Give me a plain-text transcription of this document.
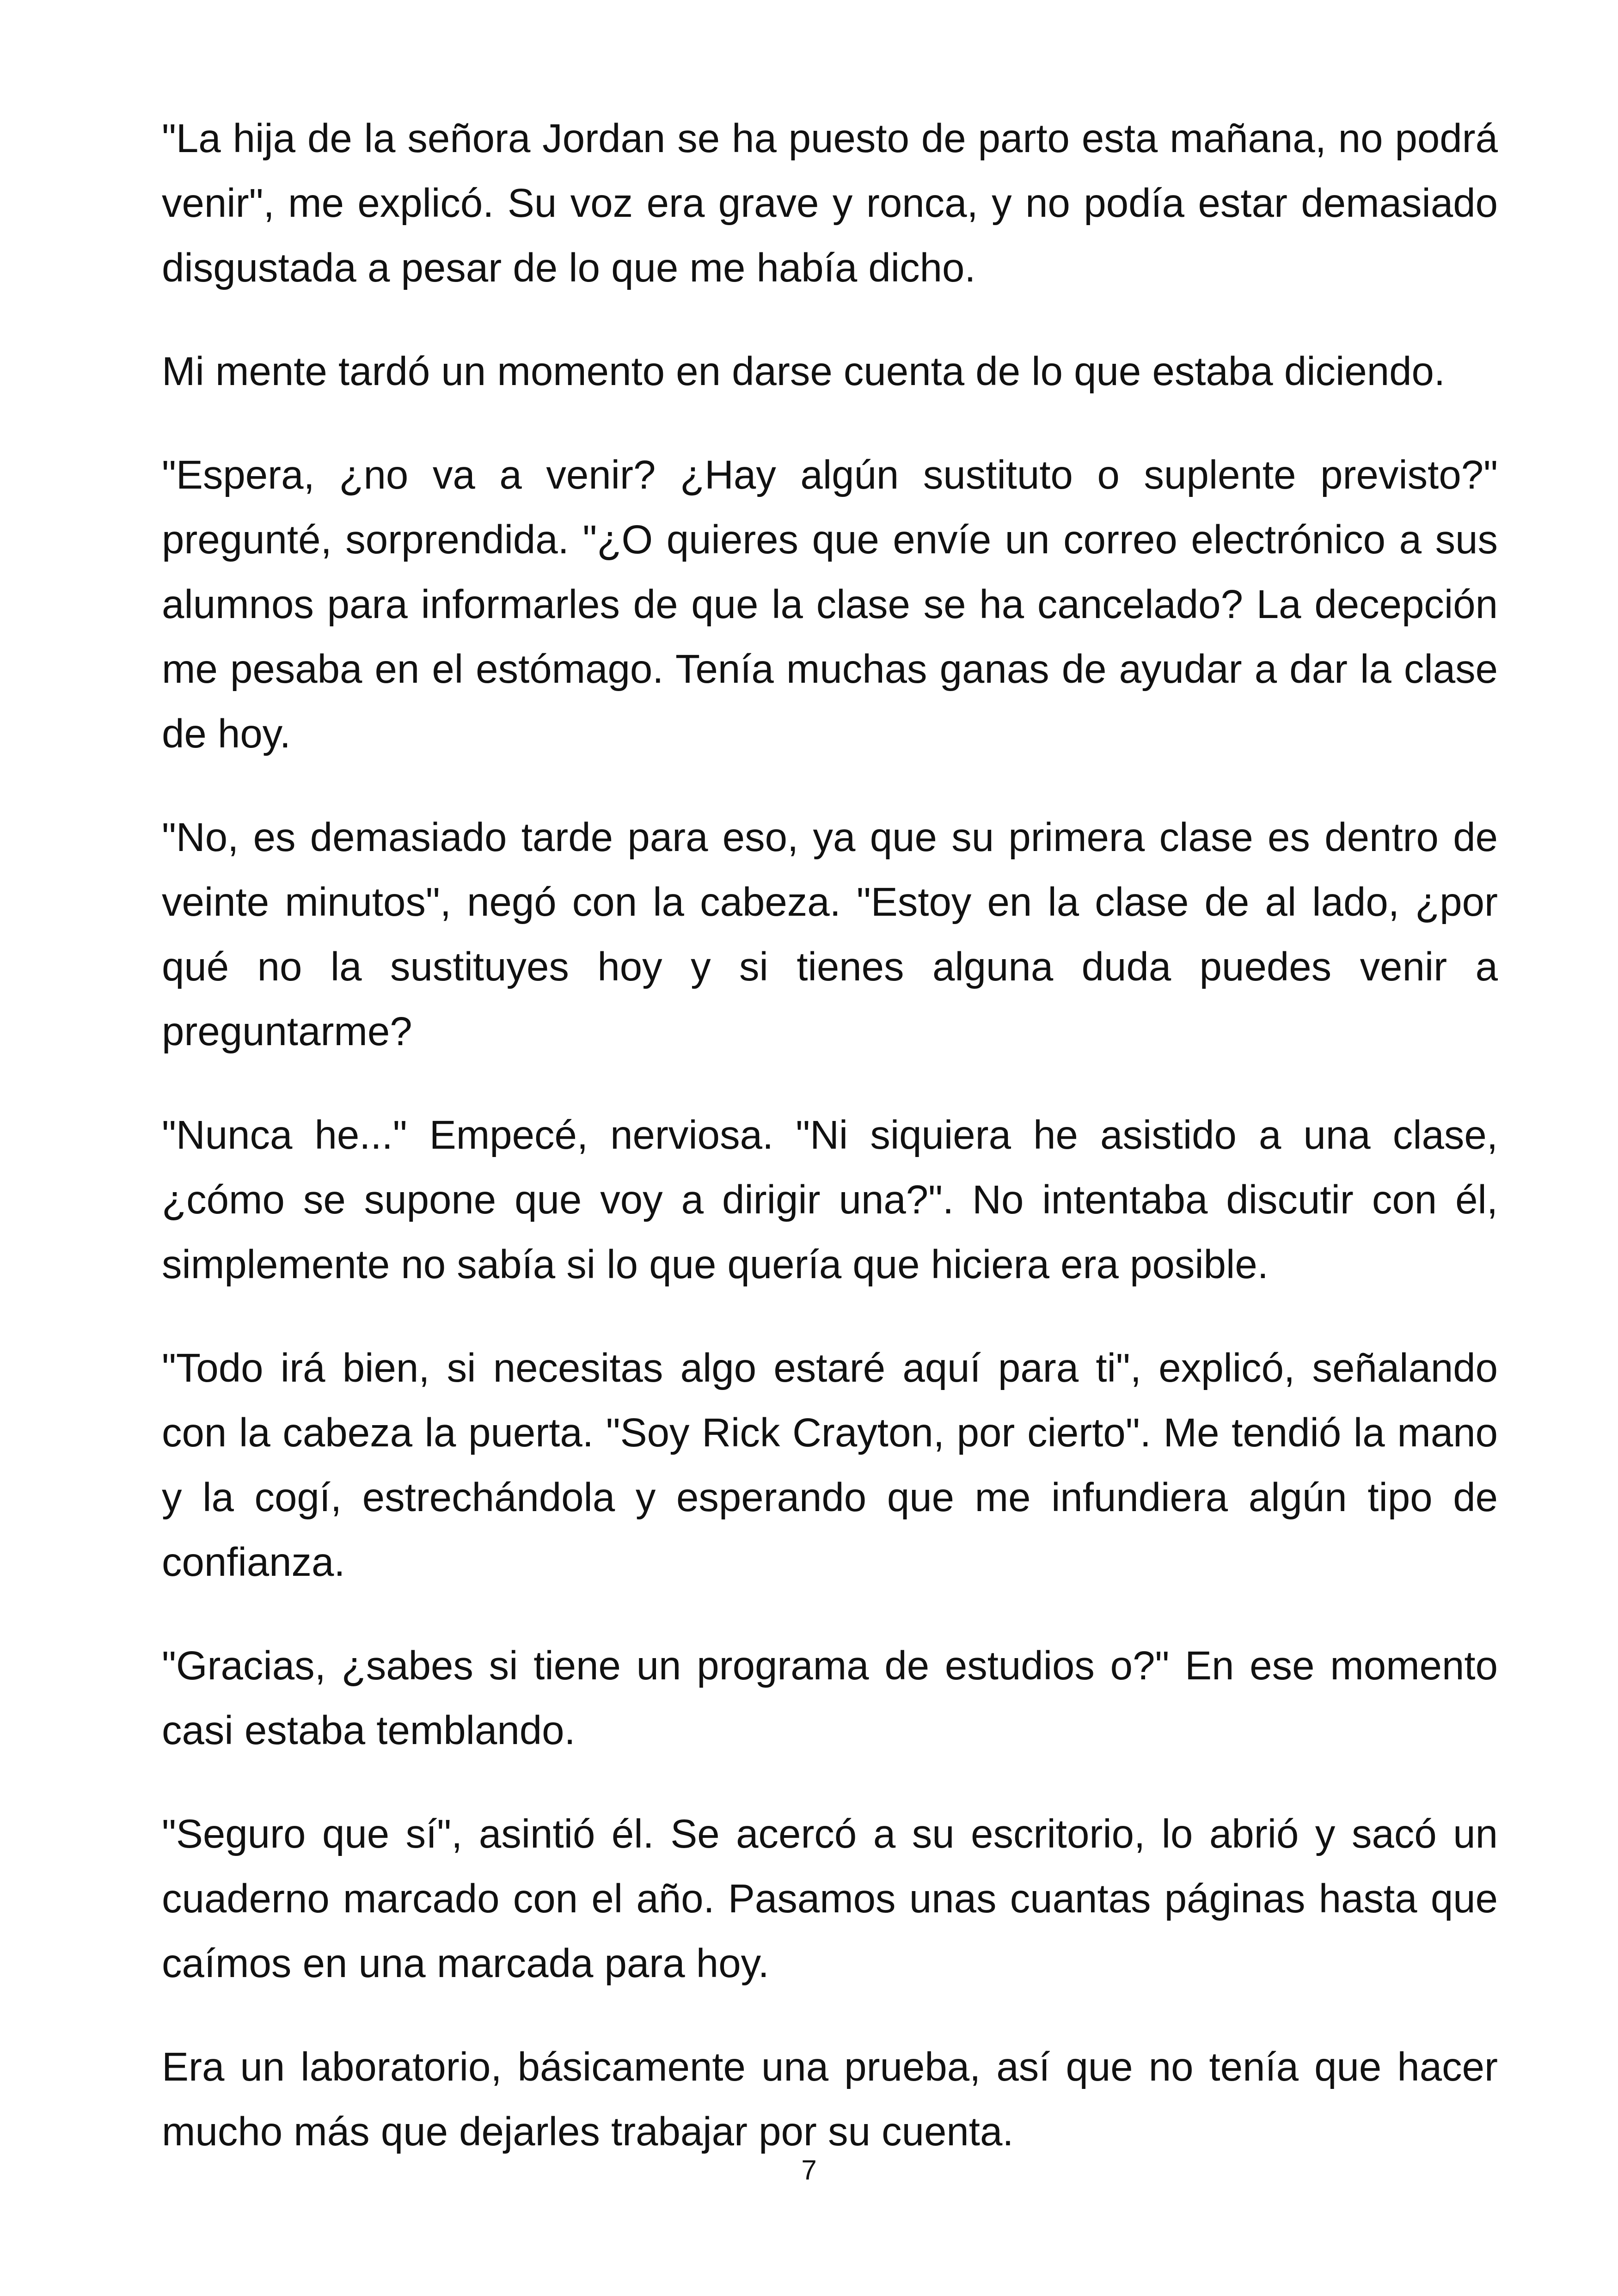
"La hija de la señora Jordan se ha puesto de parto esta mañana, no podrá venir", me explicó. Su voz era grave y ronca, y no podía estar demasiado disgustada a pesar de lo que me había dicho.

Mi mente tardó un momento en darse cuenta de lo que estaba diciendo.

"Espera, ¿no va a venir? ¿Hay algún sustituto o suplente previsto?" pregunté, sorprendida. "¿O quieres que envíe un correo electrónico a sus alumnos para informarles de que la clase se ha cancelado? La decepción me pesaba en el estómago. Tenía muchas ganas de ayudar a dar la clase de hoy.

"No, es demasiado tarde para eso, ya que su primera clase es dentro de veinte minutos", negó con la cabeza. "Estoy en la clase de al lado, ¿por qué no la sustituyes hoy y si tienes alguna duda puedes venir a preguntarme?

"Nunca he..." Empecé, nerviosa. "Ni siquiera he asistido a una clase, ¿cómo se supone que voy a dirigir una?". No intentaba discutir con él, simplemente no sabía si lo que quería que hiciera era posible.

"Todo irá bien, si necesitas algo estaré aquí para ti", explicó, señalando con la cabeza la puerta. "Soy Rick Crayton, por cierto". Me tendió la mano y la cogí, estrechándola y esperando que me infundiera algún tipo de confianza.

"Gracias, ¿sabes si tiene un programa de estudios o?" En ese momento casi estaba temblando.

"Seguro que sí", asintió él. Se acercó a su escritorio, lo abrió y sacó un cuaderno marcado con el año. Pasamos unas cuantas páginas hasta que caímos en una marcada para hoy.

Era un laboratorio, básicamente una prueba, así que no tenía que hacer mucho más que dejarles trabajar por su cuenta.

7
